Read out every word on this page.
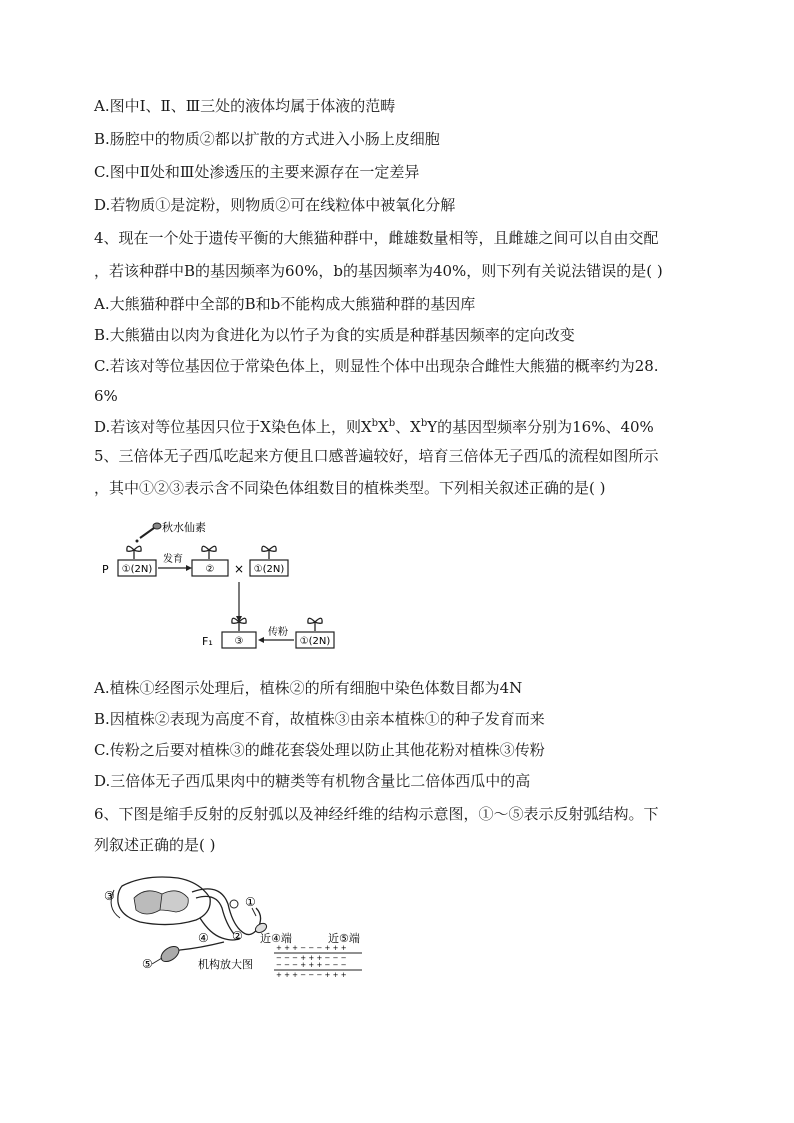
A.图中Ⅰ、Ⅱ、Ⅲ三处的液体均属于体液的范畴
B.肠腔中的物质②都以扩散的方式进入小肠上皮细胞
C.图中Ⅱ处和Ⅲ处渗透压的主要来源存在一定差异
D.若物质①是淀粉，则物质②可在线粒体中被氧化分解
4、现在一个处于遗传平衡的大熊猫种群中，雌雄数量相等，且雌雄之间可以自由交配
，若该种群中B的基因频率为60%，b的基因频率为40%，则下列有关说法错误的是( )
A.大熊猫种群中全部的B和b不能构成大熊猫种群的基因库
B.大熊猫由以肉为食进化为以竹子为食的实质是种群基因频率的定向改变
C.若该对等位基因位于常染色体上，则显性个体中出现杂合雌性大熊猫的概率约为28.
6%
D.若该对等位基因只位于X染色体上，则$X^bX^b$、$X^bY$的基因型频率分别为16%、40%
5、三倍体无子西瓜吃起来方便且口感普遍较好，培育三倍体无子西瓜的流程如图所示
，其中①②③表示含不同染色体组数目的植株类型。下列相关叙述正确的是( )
秋水仙素
P ①(2N)
发育
② × ①(2N)
F₁ ③
传粉
①(2N)
A.植株①经图示处理后，植株②的所有细胞中染色体数目都为4N
B.因植株②表现为高度不育，故植株③由亲本植株①的种子发育而来
C.传粉之后要对植株③的雌花套袋处理以防止其他花粉对植株③传粉
D.三倍体无子西瓜果肉中的糖类等有机物含量比二倍体西瓜中的高
6、下图是缩手反射的反射弧以及神经纤维的结构示意图，①～⑤表示反射弧结构。下
列叙述正确的是( )
③	①
②
④
⑤
近④端	近⑤端
机构放大图
+ + + − − − + + +
− − − + + + − − −
− − − + + + − − −
+ + + − − − + + +
